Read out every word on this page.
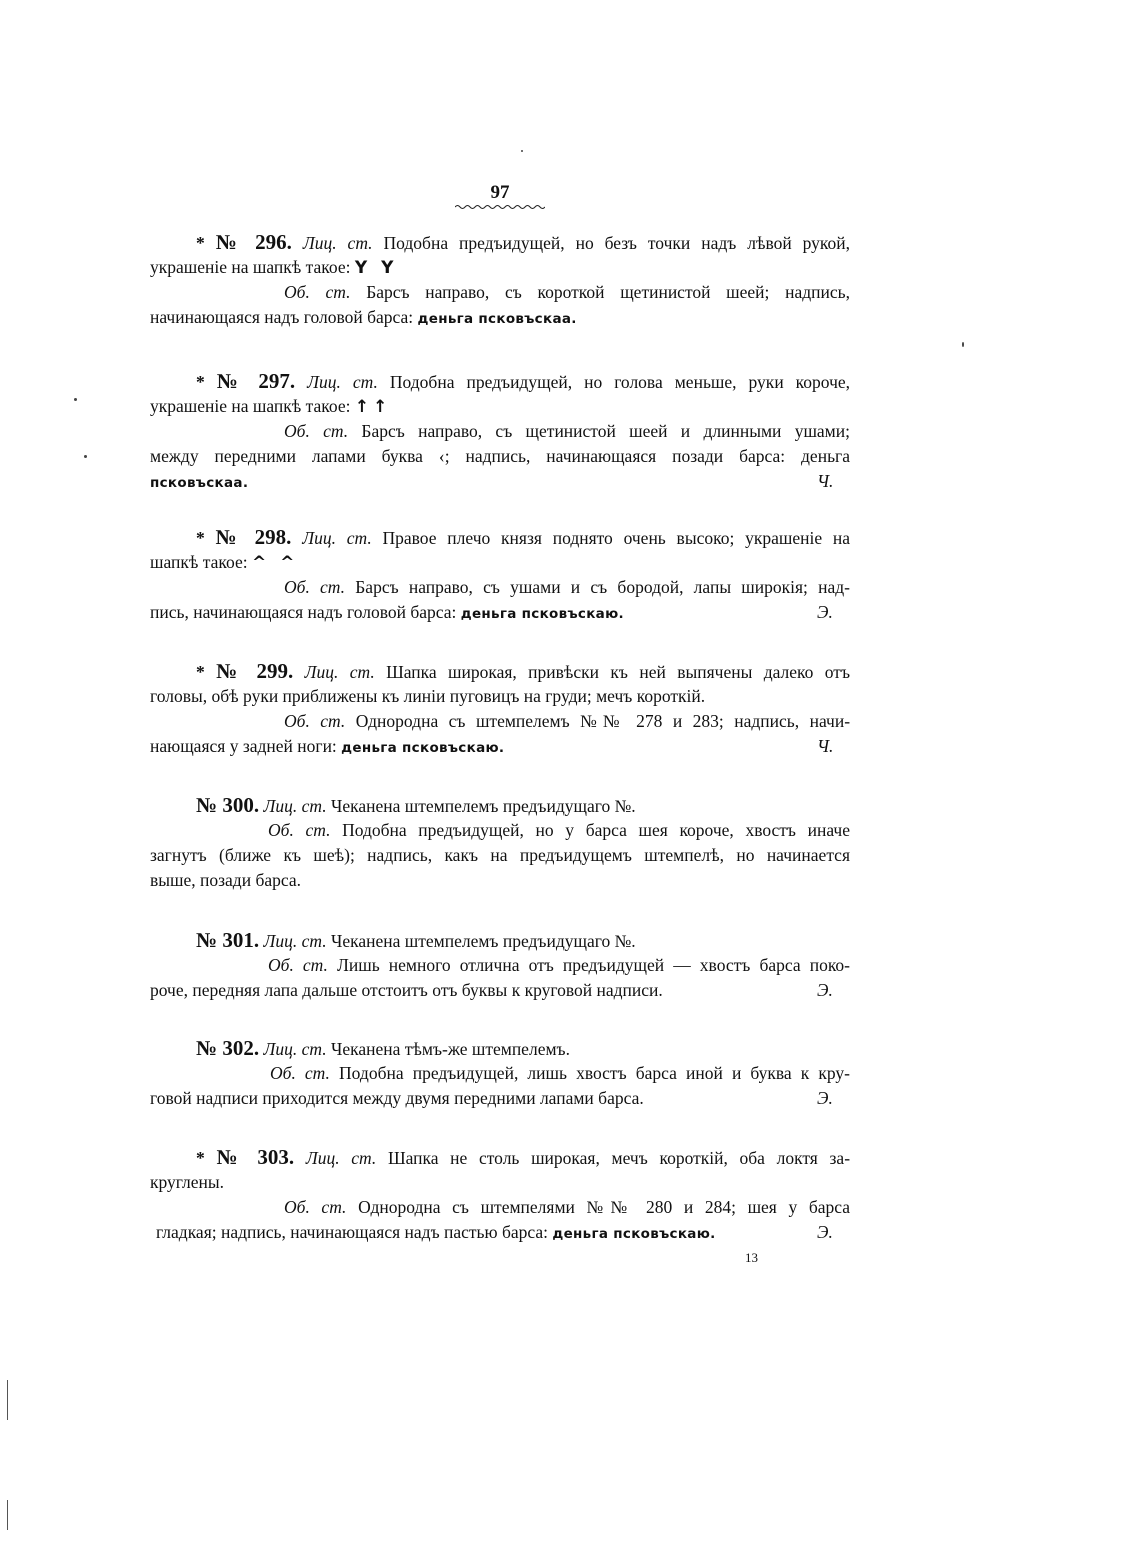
97
* № 296. Лиц. ст. Подобна предъидущей, но безъ точки надъ лѣвой рукой,
украшеніе на шапкѣ такое: Y Y
Об. ст. Барсъ направо, съ короткой щетинистой шеей; надпись,
начинающаяся надъ головой барса: деньга псковъскаа.
* № 297. Лиц. ст. Подобна предъидущей, но голова меньше, руки короче,
украшеніе на шапкѣ такое: ↑↑
Об. ст. Барсъ направо, съ щетинистой шеей и длинными ушами;
между передними лапами буква ‹; надпись, начинающаяся позади барса: деньга
псковъскаа.	Ч.
* № 298. Лиц. ст. Правое плечо князя поднято очень высоко; украшеніе на
шапкѣ такое: ^ ^
Об. ст. Барсъ направо, съ ушами и съ бородой, лапы широкія; над-
пись, начинающаяся надъ головой барса: деньга псковъскаю.	Э.
* № 299. Лиц. ст. Шапка широкая, привѣски къ ней выпячены далеко отъ
головы, обѣ руки приближены къ линіи пуговицъ на груди; мечъ короткій.
Об. ст. Однородна съ штемпелемъ №№ 278 и 283; надпись, начи-
нающаяся у задней ноги: деньга псковъскаю.	Ч.
№ 300. Лиц. ст. Чеканена штемпелемъ предъидущаго №.
Об. ст. Подобна предъидущей, но у барса шея короче, хвостъ иначе
загнутъ (ближе къ шеѣ); надпись, какъ на предъидущемъ штемпелѣ, но начинается
выше, позади барса.
№ 301. Лиц. ст. Чеканена штемпелемъ предъидущаго №.
Об. ст. Лишь немного отлична отъ предъидущей — хвостъ барса поко-
роче, передняя лапа дальше отстоитъ отъ буквы к круговой надписи.	Э.
№ 302. Лиц. ст. Чеканена тѣмъ-же штемпелемъ.
Об. ст. Подобна предъидущей, лишь хвостъ барса иной и буква к кру-
говой надписи приходится между двумя передними лапами барса.	Э.
* № 303. Лиц. ст. Шапка не столь широкая, мечъ короткій, оба локтя за-
круглены.
Об. ст. Однородна съ штемпелями №№ 280 и 284; шея у барса
гладкая; надпись, начинающаяся надъ пастью барса: деньга псковъскаю.	Э.
13
